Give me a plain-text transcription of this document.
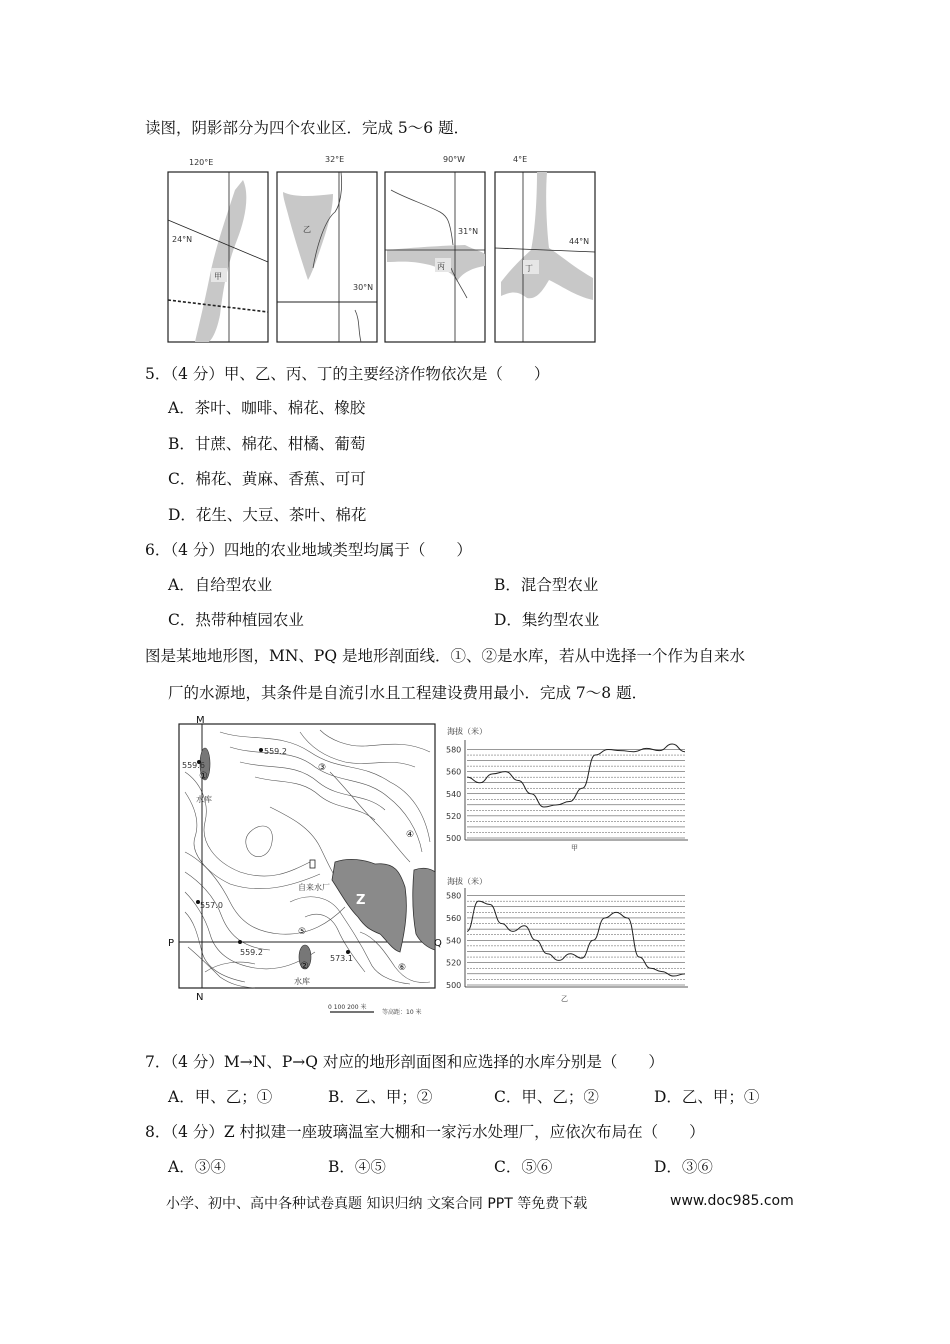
读图，阴影部分为四个农业区．完成 5～6 题．
120°E
24°N
甲
32°E
30°N
乙
90°W
31°N
丙
4°E
44°N
丁
5．（4 分）甲、乙、丙、丁的主要经济作物依次是（　　）
A．茶叶、咖啡、棉花、橡胶
B．甘蔗、棉花、柑橘、葡萄
C．棉花、黄麻、香蕉、可可
D．花生、大豆、茶叶、棉花
6．（4 分）四地的农业地域类型均属于（　　）
A．自给型农业	B．混合型农业
C．热带种植园农业	D．集约型农业
图是某地地形图，MN、PQ 是地形剖面线．①、②是水库，若从中选择一个作为自来水
厂的水源地，其条件是自流引水且工程建设费用最小．完成 7～8 题．
Z
①
②
水库
水库
559.2
559.6
557.0
559.2
573.1
③
④
⑤
⑥
自来水厂
M
N
P	Q
0 100 200 米
等高距：10 米
海拔（米）
580
560
540
520
500
甲
海拔（米）
580
560
540
520
500
乙
7．（4 分）M→N、P→Q 对应的地形剖面图和应选择的水库分别是（　　）
A．甲、乙；①	B．乙、甲；②	C．甲、乙；②	D．乙、甲；①
8．（4 分）Z 村拟建一座玻璃温室大棚和一家污水处理厂，应依次布局在（　　）
A．③④	B．④⑤	C．⑤⑥	D．③⑥
小学、初中、高中各种试卷真题 知识归纳 文案合同 PPT 等免费下载	www.doc985.com
